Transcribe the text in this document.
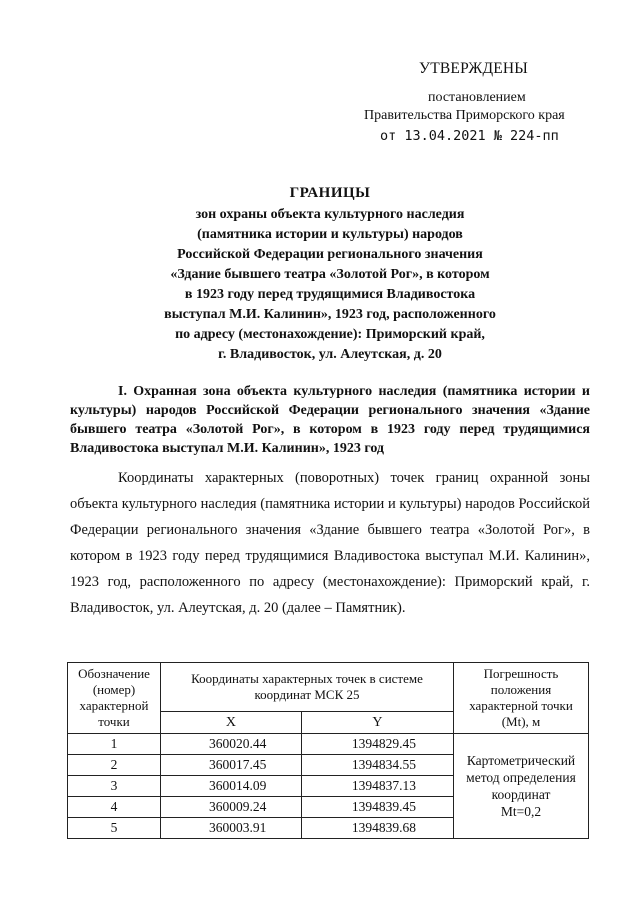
УТВЕРЖДЕНЫ
постановлением
Правительства Приморского края
от 13.04.2021 № 224-пп
ГРАНИЦЫ
зон охраны объекта культурного наследия
(памятника истории и культуры) народов
Российской Федерации регионального значения
«Здание бывшего театра «Золотой Рог», в котором
в 1923 году перед трудящимися Владивостока
выступал М.И. Калинин», 1923 год, расположенного
по адресу (местонахождение): Приморский край,
г. Владивосток, ул. Алеутская, д. 20
I. Охранная зона объекта культурного наследия (памятника истории и культуры) народов Российской Федерации регионального значения «Здание бывшего театра «Золотой Рог», в котором в 1923 году перед трудящимися Владивостока выступал М.И. Калинин», 1923 год
Координаты характерных (поворотных) точек границ охранной зоны объекта культурного наследия (памятника истории и культуры) народов Российской Федерации регионального значения «Здание бывшего театра «Золотой Рог», в котором в 1923 году перед трудящимися Владивостока выступал М.И. Калинин», 1923 год, расположенного по адресу (местонахождение): Приморский край, г. Владивосток, ул. Алеутская, д. 20 (далее – Памятник).
Обозначение (номер) характерной точки	Координаты характерных точек в системе координат МСК 25		Погрешность положения характерной точки (Mt), м
	X	Y	
1	360020.44	1394829.45	Картометрический метод определения координат
Mt=0,2

2	360017.45	1394834.55	
3	360014.09	1394837.13	
4	360009.24	1394839.45	
5	360003.91	1394839.68	
